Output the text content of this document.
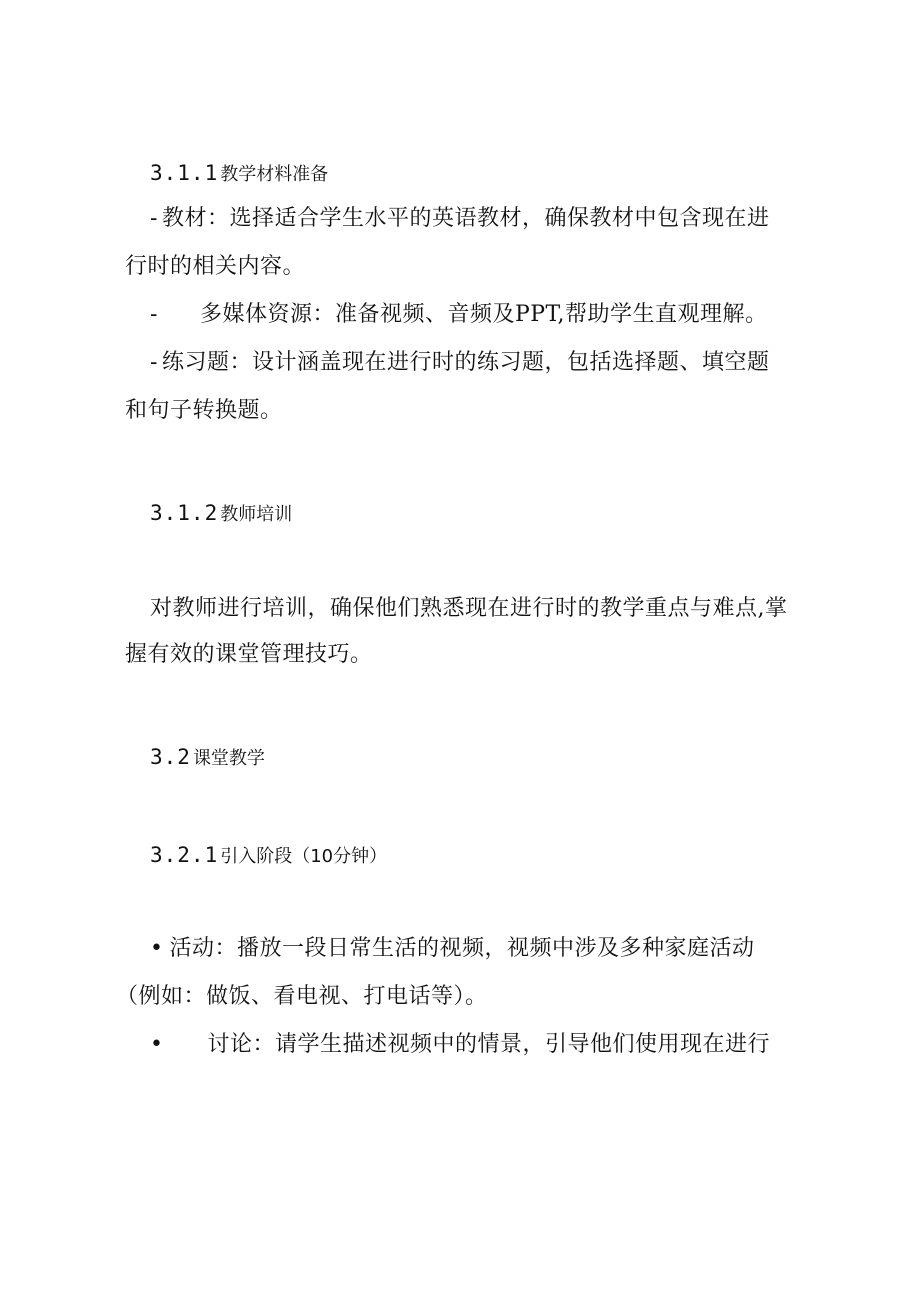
3.1.1 教学材料准备
- 教材：选择适合学生水平的英语教材，确保教材中包含现在进
行时的相关内容。
- 多媒体资源：准备视频、音频及PPT,帮助学生直观理解。
- 练习题：设计涵盖现在进行时的练习题，包括选择题、填空题
和句子转换题。
3.1.2 教师培训
对教师进行培训，确保他们熟悉现在进行时的教学重点与难点,掌
握有效的课堂管理技巧。
3.2 课堂教学
3.2.1 引入阶段（10分钟）
• 活动：播放一段日常生活的视频，视频中涉及多种家庭活动
（例如：做饭、看电视、打电话等）。
• 讨论：请学生描述视频中的情景，引导他们使用现在进行
